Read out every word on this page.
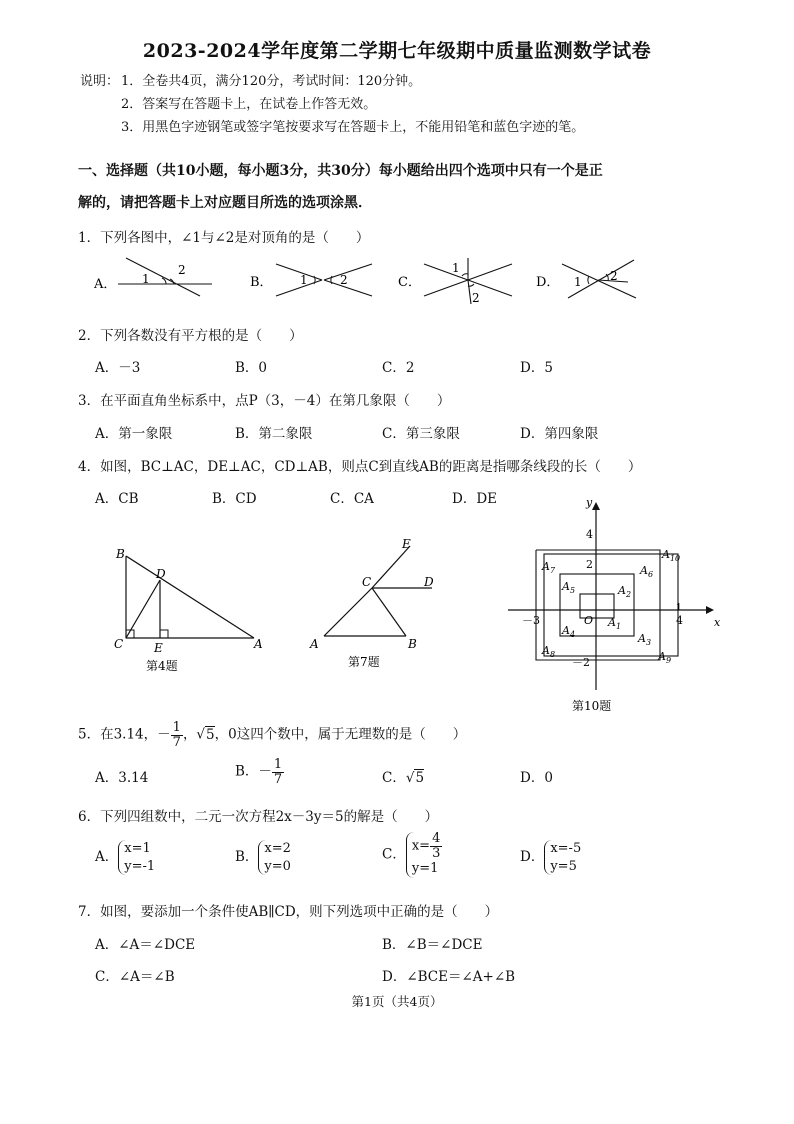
2023-2024学年度第二学期七年级期中质量监测数学试卷
说明： 1．全卷共4页，满分120分，考试时间：120分钟。
2．答案写在答题卡上，在试卷上作答无效。
3．用黑色字迹钢笔或签字笔按要求写在答题卡上，不能用铅笔和蓝色字迹的笔。
一、选择题（共10小题，每小题3分，共30分）每小题给出四个选项中只有一个是正
解的，请把答题卡上对应题目所选的选项涂黑．
1．下列各图中，∠1与∠2是对顶角的是（　　）
A． 1
2
B． 1	2	C．
1
2
D． 1 2
2．下列各数没有平方根的是（　　）
A．－3	B．0	C．2	D．5
3．在平面直角坐标系中，点P（3，－4）在第几象限（　　）
A．第一象限	B．第二象限	C．第三象限	D．第四象限
4．如图，BC⊥AC，DE⊥AC，CD⊥AB，则点C到直线AB的距离是指哪条线段的长（　　）
A．CB	B．CD	C．CA	D．DE
B
D
C	E	A
第4题
E
C	D
A	B
第7题
y
x
4
2
－2
－3	4
1
O $A_1$
$A_2$
$A_3$
$A_4$
$A_5$
$A_6$
$A_7$
$A_8$	$A_9$
$A_{10}$
第10题
5．在3.14，－ $\frac{1}{7}$ ，√5，0这四个数中，属于无理数的是（　　）
A．3.14	B．－ $\frac{1}{7}$	C．√5	D．0
6．下列四组数中，二元一次方程2x－3y＝5的解是（　　）
A．x=1
y=-1
B．x=2
y=0
C．$x= \frac{4}{3}$

y=1
D．x=-5
y=5
7．如图，要添加一个条件使AB∥CD，则下列选项中正确的是（　　）
A．∠A＝∠DCE	B．∠B＝∠DCE
C．∠A＝∠B	D．∠BCE＝∠A+∠B
第1页（共4页）
